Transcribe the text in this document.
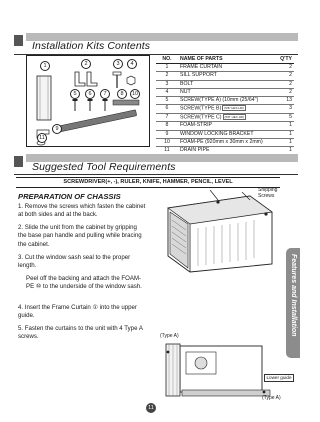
Installation Kits Contents
1	2	3	4
5	6	7	8	10
9
11
NO.	NAME OF PARTS	Q'TY
1	FRAME CURTAIN	2
2	SILL SUPPORT	2
3	BOLT	2
4	NUT	2
5	SCREW(TYPE A) (10mm (25/64")	13
6	SCREW(TYPE B) (5/8" HEX-HD)	3
7	SCREW(TYPE C) (5/8" HEX-HD)	5
8	FOAM-STRIP	1
9	WINDOW LOCKING BRACKET	1
10	FOAM-PE (920mm x 30mm x 2mm)	1
11	DRAIN PIPE	1
Suggested Tool Requirements
SCREWDRIVER(+, -), RULER, KNIFE, HAMMER, PENCIL, LEVEL
PREPARATION OF CHASSIS
1. Remove the screws which fasten the cabinet at both sides and at the back.
2. Slide the unit from the cabinet by gripping the base pan handle and pulling while bracing the cabinet.
3. Cut the window sash seal to the proper length.
Peel off the backing and attach the FOAM-PE ⑩ to the underside of the window sash.
4. Insert the Frame Curtain ① into the upper guide.
5. Fasten the curtains to the unit with 4 Type A screws.
Shipping Screws
(Type A)
Lower guide
(Type A)
Features and Installation
11
